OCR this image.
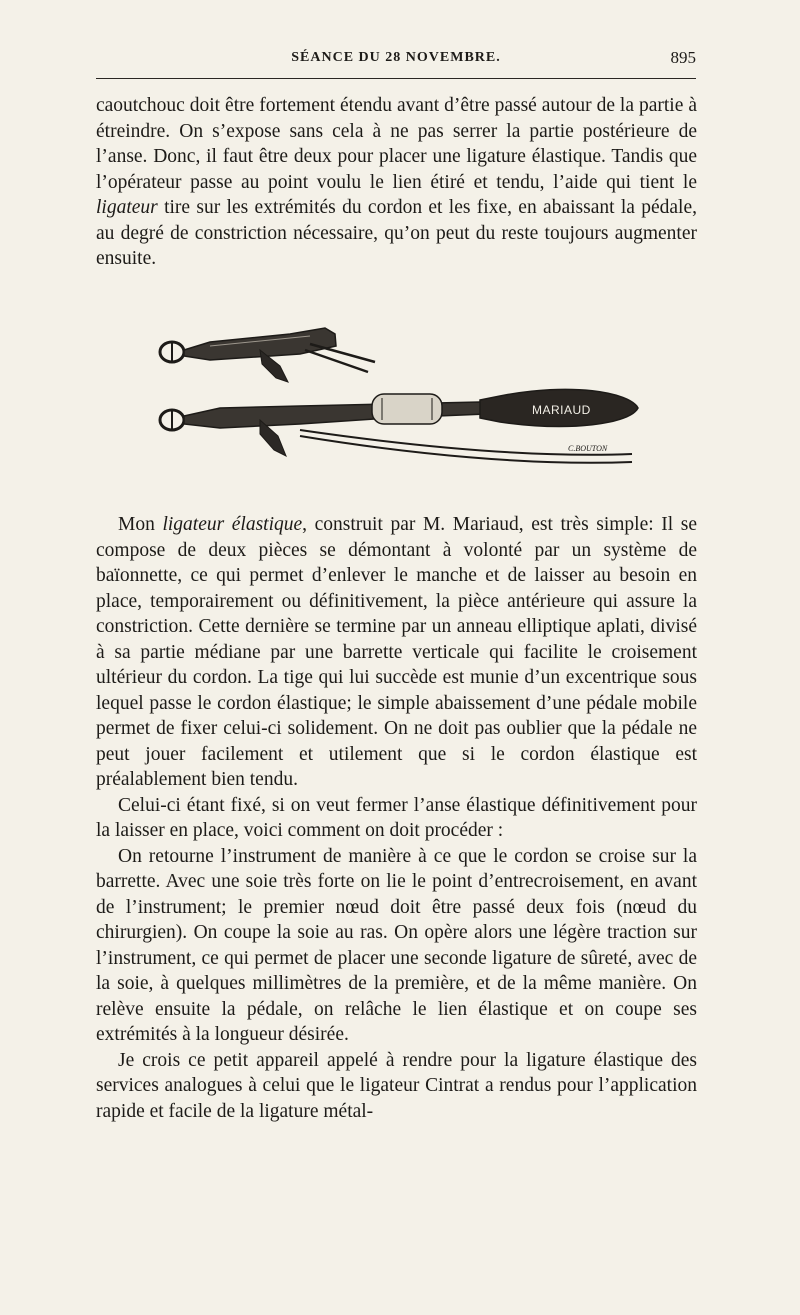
SÉANCE DU 28 NOVEMBRE.	895

caoutchouc doit être fortement étendu avant d’être passé autour de la partie à étreindre. On s’expose sans cela à ne pas serrer la partie postérieure de l’anse. Donc, il faut être deux pour placer une ligature élastique. Tandis que l’opérateur passe au point voulu le lien étiré et tendu, l’aide qui tient le ligateur tire sur les extrémités du cordon et les fixe, en abaissant la pédale, au degré de constriction nécessaire, qu’on peut du reste toujours augmenter ensuite.

MARIAUD
C.BOUTON

Mon ligateur élastique, construit par M. Mariaud, est très simple: Il se compose de deux pièces se démontant à volonté par un système de baïonnette, ce qui permet d’enlever le manche et de laisser au besoin en place, temporairement ou définitivement, la pièce antérieure qui assure la constriction. Cette dernière se termine par un anneau elliptique aplati, divisé à sa partie médiane par une barrette verticale qui facilite le croisement ultérieur du cordon. La tige qui lui succède est munie d’un excentrique sous lequel passe le cordon élastique; le simple abaissement d’une pédale mobile permet de fixer celui-ci solidement. On ne doit pas oublier que la pédale ne peut jouer facilement et utilement que si le cordon élastique est préalablement bien tendu.

Celui-ci étant fixé, si on veut fermer l’anse élastique définitivement pour la laisser en place, voici comment on doit procéder :

On retourne l’instrument de manière à ce que le cordon se croise sur la barrette. Avec une soie très forte on lie le point d’entrecroisement, en avant de l’instrument; le premier nœud doit être passé deux fois (nœud du chirurgien). On coupe la soie au ras. On opère alors une légère traction sur l’instrument, ce qui permet de placer une seconde ligature de sûreté, avec de la soie, à quelques millimètres de la première, et de la même manière. On relève ensuite la pédale, on relâche le lien élastique et on coupe ses extrémités à la longueur désirée.

Je crois ce petit appareil appelé à rendre pour la ligature élastique des services analogues à celui que le ligateur Cintrat a rendus pour l’application rapide et facile de la ligature métal-
